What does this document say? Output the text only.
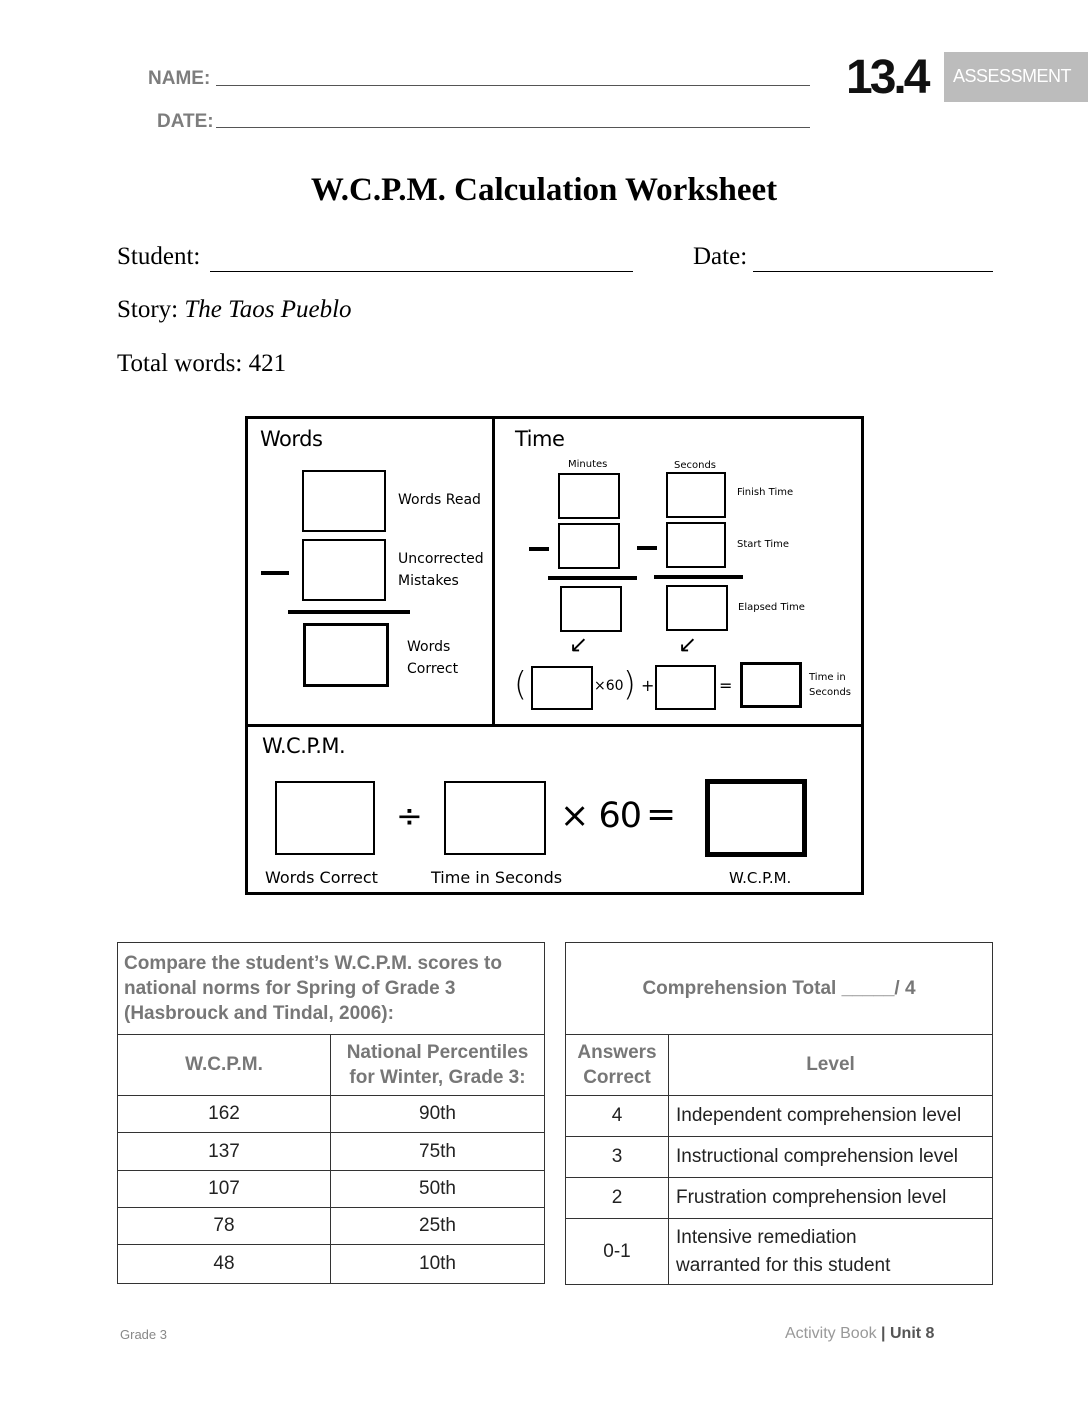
NAME:
DATE:
13.4 ASSESSMENT
W.C.P.M. Calculation Worksheet
Student:	Date:
Story: The Taos Pueblo
Total words: 421
Words
Words Read
Uncorrected
Mistakes
Words
Correct
Time
Minutes	Seconds
Finish Time
Start Time
Elapsed Time
↙	↙
(	×60 ) +	=	Time in
Seconds
W.C.P.M.
÷	× 60 =
Words Correct	Time in Seconds	W.C.P.M.
Compare the student’s W.C.P.M. scores to national norms for Spring of Grade 3 (Hasbrouck and Tindal, 2006):	
W.C.P.M.	National Percentiles
for Winter, Grade 3:

162	90th
137	75th
107	50th
78	25th
48	10th
Comprehension Total _____/ 4	

Answers
Correct	Level
4	Independent comprehension level
3	Instructional comprehension level
2	Frustration comprehension level
0-1	Intensive remediation
warranted for this student
Grade 3	Activity Book | Unit 8
